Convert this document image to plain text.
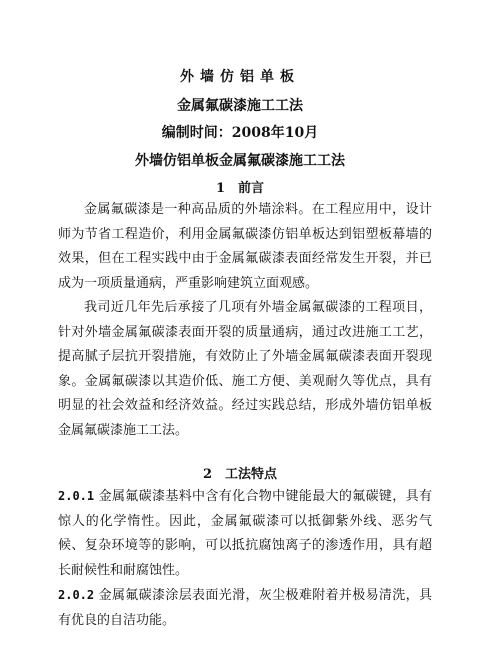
外墙仿铝单板
金属氟碳漆施工工法
编制时间：2008年10月
外墙仿铝单板金属氟碳漆施工工法
1　前言
金属氟碳漆是一种高品质的外墙涂料。在工程应用中，设计师为节省工程造价，利用金属氟碳漆仿铝单板达到铝塑板幕墙的效果，但在工程实践中由于金属氟碳漆表面经常发生开裂，并已成为一项质量通病，严重影响建筑立面观感。
我司近几年先后承接了几项有外墙金属氟碳漆的工程项目，针对外墙金属氟碳漆表面开裂的质量通病，通过改进施工工艺，提高腻子层抗开裂措施，有效防止了外墙金属氟碳漆表面开裂现象。金属氟碳漆以其造价低、施工方便、美观耐久等优点，具有明显的社会效益和经济效益。经过实践总结，形成外墙仿铝单板金属氟碳漆施工工法。
2　工法特点
2.0.1 金属氟碳漆基料中含有化合物中键能最大的氟碳键，具有惊人的化学惰性。因此，金属氟碳漆可以抵御紫外线、恶劣气候、复杂环境等的影响，可以抵抗腐蚀离子的渗透作用，具有超长耐候性和耐腐蚀性。
2.0.2 金属氟碳漆涂层表面光滑，灰尘极难附着并极易清洗，具有优良的自洁功能。
